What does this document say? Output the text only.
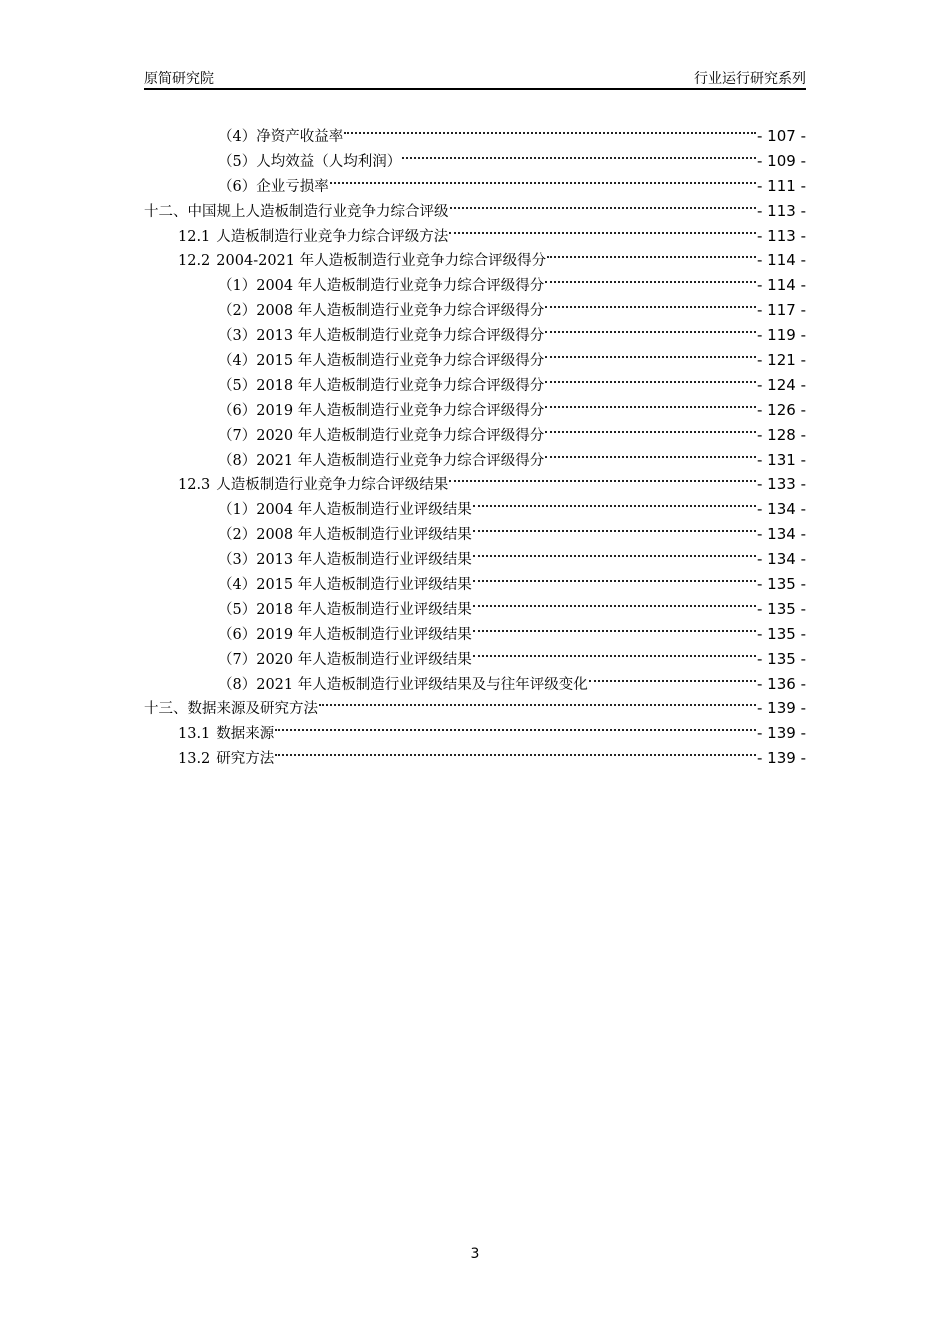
原简研究院	行业运行研究系列
（4） 净资产收益率	- 107 -
（5） 人均效益（人均利润）	- 109 -
（6） 企业亏损率	- 111 -
十二、 中国规上人造板制造行业竞争力综合评级	- 113 -
12.1 人造板制造行业竞争力综合评级方法	- 113 -
12.2 2004-2021 年人造板制造行业竞争力综合评级得分	- 114 -
（1） 2004 年人造板制造行业竞争力综合评级得分	- 114 -
（2） 2008 年人造板制造行业竞争力综合评级得分	- 117 -
（3） 2013 年人造板制造行业竞争力综合评级得分	- 119 -
（4） 2015 年人造板制造行业竞争力综合评级得分	- 121 -
（5） 2018 年人造板制造行业竞争力综合评级得分	- 124 -
（6） 2019 年人造板制造行业竞争力综合评级得分	- 126 -
（7） 2020 年人造板制造行业竞争力综合评级得分	- 128 -
（8） 2021 年人造板制造行业竞争力综合评级得分	- 131 -
12.3 人造板制造行业竞争力综合评级结果	- 133 -
（1） 2004 年人造板制造行业评级结果	- 134 -
（2） 2008 年人造板制造行业评级结果	- 134 -
（3） 2013 年人造板制造行业评级结果	- 134 -
（4） 2015 年人造板制造行业评级结果	- 135 -
（5） 2018 年人造板制造行业评级结果	- 135 -
（6） 2019 年人造板制造行业评级结果	- 135 -
（7） 2020 年人造板制造行业评级结果	- 135 -
（8） 2021 年人造板制造行业评级结果及与往年评级变化	- 136 -
十三、 数据来源及研究方法	- 139 -
13.1 数据来源	- 139 -
13.2 研究方法	- 139 -
3
